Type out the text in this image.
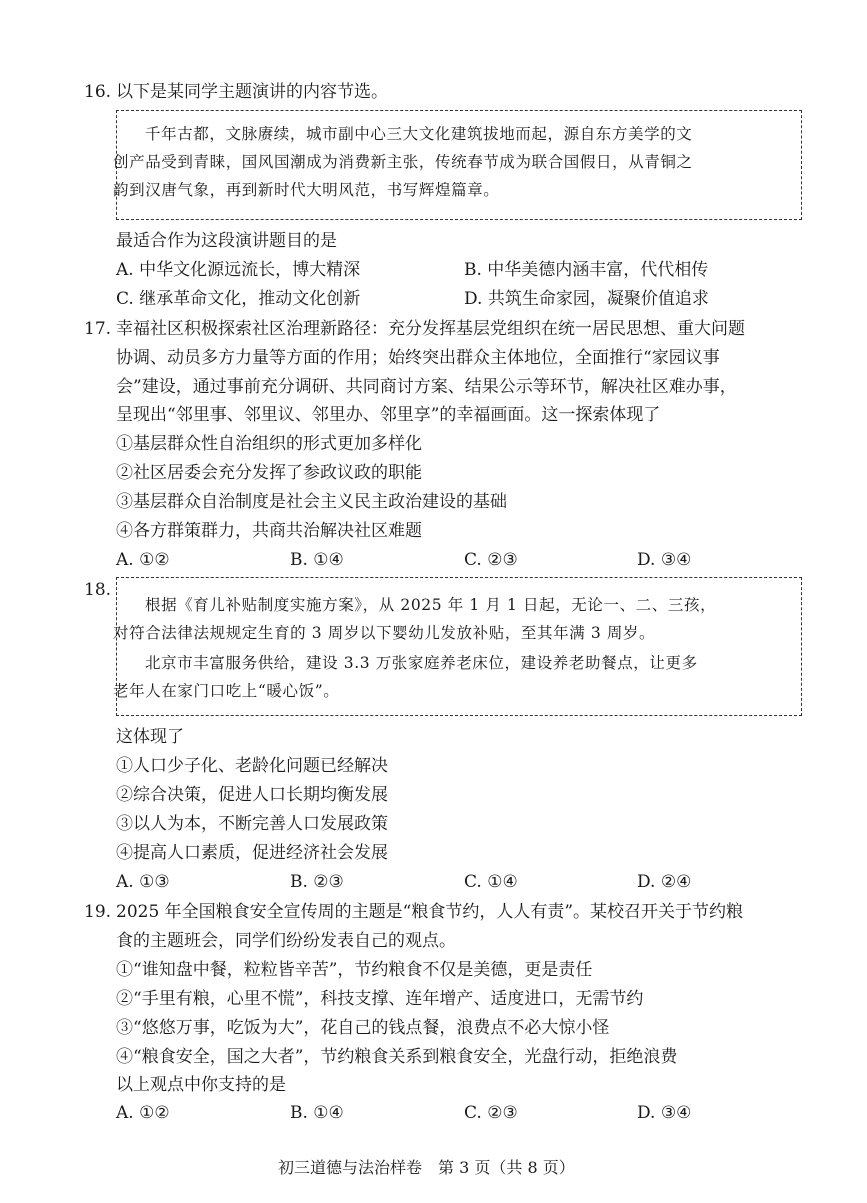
16. 以下是某同学主题演讲的内容节选。
千年古都，文脉赓续，城市副中心三大文化建筑拔地而起，源自东方美学的文
创产品受到青睐，国风国潮成为消费新主张，传统春节成为联合国假日，从青铜之
韵到汉唐气象，再到新时代大明风范，书写辉煌篇章。
最适合作为这段演讲题目的是
A. 中华文化源远流长，博大精深	B. 中华美德内涵丰富，代代相传
C. 继承革命文化，推动文化创新	D. 共筑生命家园，凝聚价值追求
17. 幸福社区积极探索社区治理新路径：充分发挥基层党组织在统一居民思想、重大问题
协调、动员多方力量等方面的作用；始终突出群众主体地位，全面推行“家园议事
会”建设，通过事前充分调研、共同商讨方案、结果公示等环节，解决社区难办事，
呈现出“邻里事、邻里议、邻里办、邻里享”的幸福画面。这一探索体现了
①基层群众性自治组织的形式更加多样化
②社区居委会充分发挥了参政议政的职能
③基层群众自治制度是社会主义民主政治建设的基础
④各方群策群力，共商共治解决社区难题
A. ①②	B. ①④	C. ②③	D. ③④
18.
根据《育儿补贴制度实施方案》，从 2025 年 1 月 1 日起，无论一、二、三孩，
对符合法律法规规定生育的 3 周岁以下婴幼儿发放补贴，至其年满 3 周岁。
北京市丰富服务供给，建设 3.3 万张家庭养老床位，建设养老助餐点，让更多
老年人在家门口吃上“暖心饭”。
这体现了
①人口少子化、老龄化问题已经解决
②综合决策，促进人口长期均衡发展
③以人为本，不断完善人口发展政策
④提高人口素质，促进经济社会发展
A. ①③	B. ②③	C. ①④	D. ②④
19. 2025 年全国粮食安全宣传周的主题是“粮食节约，人人有责”。某校召开关于节约粮
食的主题班会，同学们纷纷发表自己的观点。
①“谁知盘中餐，粒粒皆辛苦”，节约粮食不仅是美德，更是责任
②“手里有粮，心里不慌”，科技支撑、连年增产、适度进口，无需节约
③“悠悠万事，吃饭为大”，花自己的钱点餐，浪费点不必大惊小怪
④“粮食安全，国之大者”，节约粮食关系到粮食安全，光盘行动，拒绝浪费
以上观点中你支持的是
A. ①②	B. ①④	C. ②③	D. ③④
初三道德与法治样卷　第 3 页（共 8 页）
